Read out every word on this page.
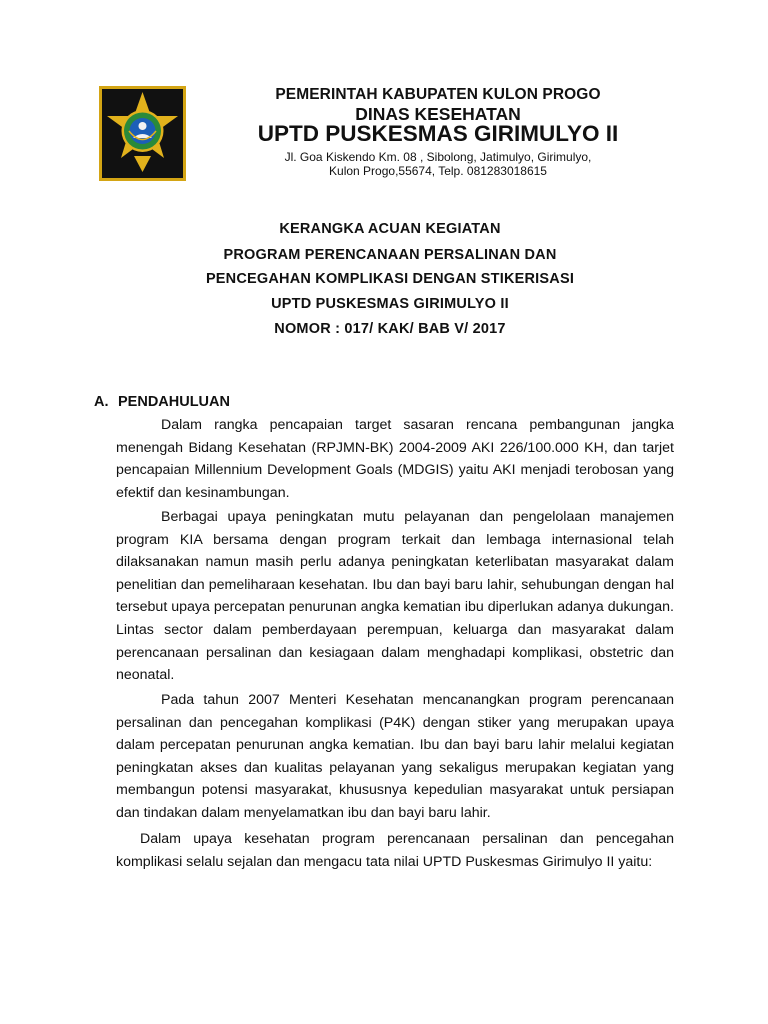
PEMERINTAH KABUPATEN KULON PROGO
DINAS KESEHATAN
UPTD PUSKESMAS GIRIMULYO II
Jl. Goa Kiskendo Km. 08 , Sibolong, Jatimulyo, Girimulyo,
Kulon Progo,55674, Telp. 081283018615
KERANGKA ACUAN KEGIATAN
PROGRAM PERENCANAAN PERSALINAN DAN
PENCEGAHAN KOMPLIKASI DENGAN STIKERISASI
UPTD PUSKESMAS GIRIMULYO II
NOMOR : 017/ KAK/ BAB V/ 2017
A. PENDAHULUAN

Dalam rangka pencapaian target sasaran rencana pembangunan jangka menengah Bidang Kesehatan (RPJMN-BK) 2004-2009 AKI 226/100.000 KH, dan tarjet pencapaian Millennium Development Goals (MDGIS) yaitu AKI menjadi terobosan yang efektif dan kesinambungan.

Berbagai upaya peningkatan mutu pelayanan dan pengelolaan manajemen program KIA bersama dengan program terkait dan lembaga internasional telah dilaksanakan namun masih perlu adanya peningkatan keterlibatan masyarakat dalam penelitian dan pemeliharaan kesehatan. Ibu dan bayi baru lahir, sehubungan dengan hal tersebut upaya percepatan penurunan angka kematian ibu diperlukan adanya dukungan. Lintas sector dalam pemberdayaan perempuan, keluarga dan masyarakat dalam perencanaan persalinan dan kesiagaan dalam menghadapi komplikasi, obstetric dan neonatal.

Pada tahun 2007 Menteri Kesehatan mencanangkan program perencanaan persalinan dan pencegahan komplikasi (P4K) dengan stiker yang merupakan upaya dalam percepatan penurunan angka kematian. Ibu dan bayi baru lahir melalui kegiatan peningkatan akses dan kualitas pelayanan yang sekaligus merupakan kegiatan yang membangun potensi masyarakat, khususnya kepedulian masyarakat untuk persiapan dan tindakan dalam menyelamatkan ibu dan bayi baru lahir.

Dalam upaya kesehatan program perencanaan persalinan dan pencegahan komplikasi selalu sejalan dan mengacu tata nilai UPTD Puskesmas Girimulyo II yaitu:
